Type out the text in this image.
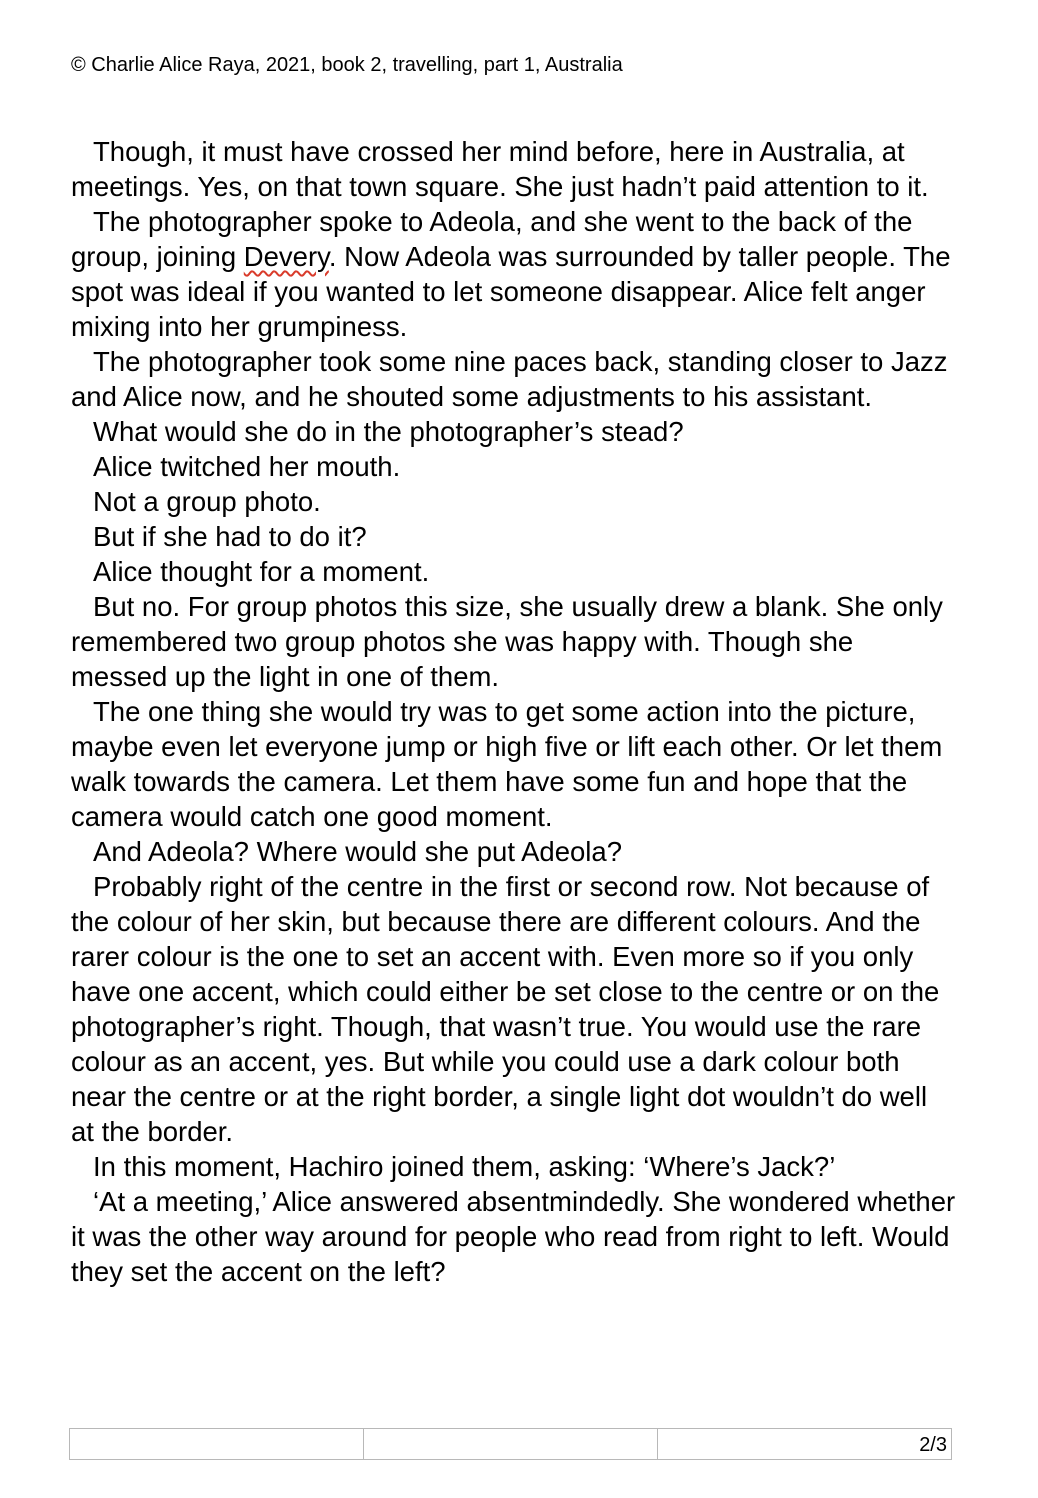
© Charlie Alice Raya, 2021, book 2, travelling, part 1, Australia

Though, it must have crossed her mind before, here in Australia, at meetings. Yes, on that town square. She just hadn’t paid attention to it.

The photographer spoke to Adeola, and she went to the back of the group, joining Devery. Now Adeola was surrounded by taller people. The spot was ideal if you wanted to let someone disappear. Alice felt anger mixing into her grumpiness.

The photographer took some nine paces back, standing closer to Jazz and Alice now, and he shouted some adjustments to his assistant.

What would she do in the photographer’s stead?

Alice twitched her mouth.

Not a group photo.

But if she had to do it?

Alice thought for a moment.

But no. For group photos this size, she usually drew a blank. She only remembered two group photos she was happy with. Though she messed up the light in one of them.

The one thing she would try was to get some action into the picture, maybe even let everyone jump or high five or lift each other. Or let them walk towards the camera. Let them have some fun and hope that the camera would catch one good moment.

And Adeola? Where would she put Adeola?

Probably right of the centre in the first or second row. Not because of the colour of her skin, but because there are different colours. And the rarer colour is the one to set an accent with. Even more so if you only have one accent, which could either be set close to the centre or on the photographer’s right. Though, that wasn’t true. You would use the rare colour as an accent, yes. But while you could use a dark colour both near the centre or at the right border, a single light dot wouldn’t do well at the border.

In this moment, Hachiro joined them, asking: ‘Where’s Jack?’

‘At a meeting,’ Alice answered absentmindedly. She wondered whether it was the other way around for people who read from right to left. Would they set the accent on the left?

2/3
